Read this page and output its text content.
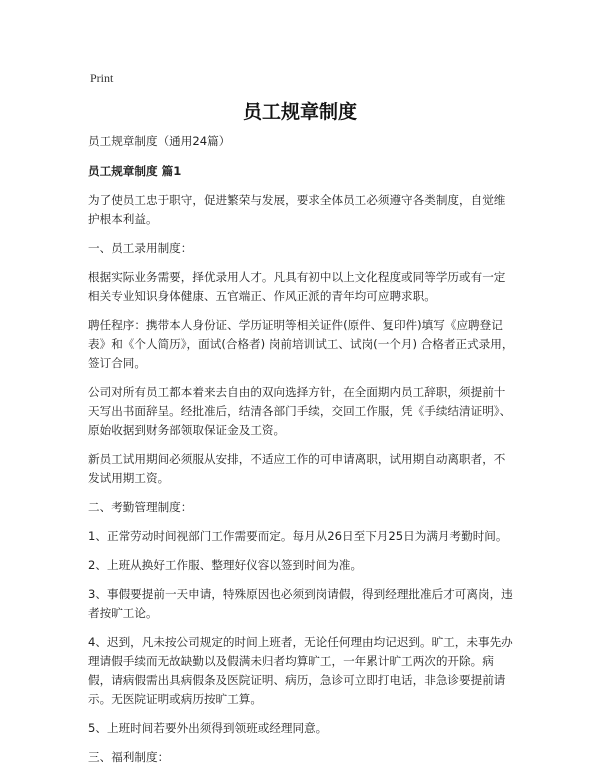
Print
员工规章制度

员工规章制度（通用24篇）

员工规章制度 篇1

为了使员工忠于职守，促进繁荣与发展，要求全体员工必须遵守各类制度，自觉维护根本利益。

一、员工录用制度：

根据实际业务需要，择优录用人才。凡具有初中以上文化程度或同等学历或有一定相关专业知识身体健康、五官端正、作风正派的青年均可应聘求职。

聘任程序：携带本人身份证、学历证明等相关证件(原件、复印件)填写《应聘登记表》和《个人简历》，面试(合格者) 岗前培训试工、试岗(一个月) 合格者正式录用，签订合同。

公司对所有员工都本着来去自由的双向选择方针，在全面期内员工辞职，须提前十天写出书面辞呈。经批准后，结清各部门手续，交回工作服，凭《手续结清证明》、原始收据到财务部领取保证金及工资。

新员工试用期间必须服从安排，不适应工作的可申请离职，试用期自动离职者，不发试用期工资。

二、考勤管理制度：

1、正常劳动时间视部门工作需要而定。每月从26日至下月25日为满月考勤时间。

2、上班从换好工作服、整理好仪容以签到时间为准。

3、事假要提前一天申请，特殊原因也必须到岗请假，得到经理批准后才可离岗，违者按旷工论。

4、迟到，凡未按公司规定的时间上班者，无论任何理由均记迟到。旷工，未事先办理请假手续而无故缺勤以及假满未归者均算旷工，一年累计旷工两次的开除。病假，请病假需出具病假条及医院证明、病历，急诊可立即打电话，非急诊要提前请示。无医院证明或病历按旷工算。

5、上班时间若要外出须得到领班或经理同意。

三、福利制度：
